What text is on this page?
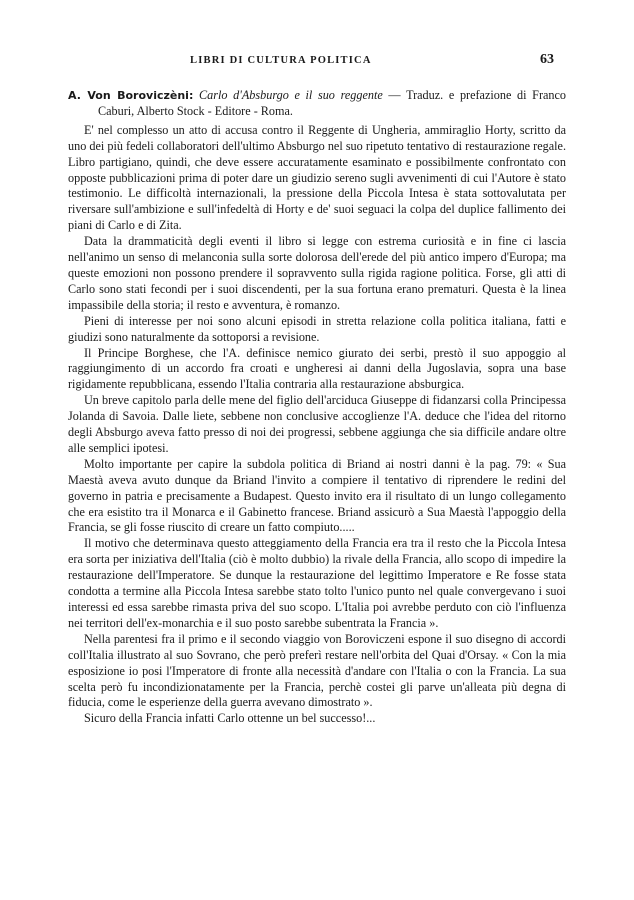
LIBRI DI CULTURA POLITICA	63

A. Von Boroviczèni: Carlo d'Absburgo e il suo reggente — Traduz. e prefazione di Franco Caburi, Alberto Stock - Editore - Roma.

E' nel complesso un atto di accusa contro il Reggente di Ungheria, ammiraglio Horty, scritto da uno dei più fedeli collaboratori dell'ultimo Absburgo nel suo ripetuto tentativo di restaurazione regale. Libro partigiano, quindi, che deve essere accuratamente esaminato e possibilmente confrontato con opposte pubblicazioni prima di poter dare un giudizio sereno sugli avvenimenti di cui l'Autore è stato testimonio. Le difficoltà internazionali, la pressione della Piccola Intesa è stata sottovalutata per riversare sull'ambizione e sull'infedeltà di Horty e de' suoi seguaci la colpa del duplice fallimento dei piani di Carlo e di Zita.

Data la drammaticità degli eventi il libro si legge con estrema curiosità e in fine ci lascia nell'animo un senso di melanconia sulla sorte dolorosa dell'erede del più antico impero d'Europa; ma queste emozioni non possono prendere il sopravvento sulla rigida ragione politica. Forse, gli atti di Carlo sono stati fecondi per i suoi discendenti, per la sua fortuna erano prematuri. Questa è la linea impassibile della storia; il resto e avventura, è romanzo.

Pieni di interesse per noi sono alcuni episodi in stretta relazione colla politica italiana, fatti e giudizi sono naturalmente da sottoporsi a revisione.

Il Principe Borghese, che l'A. definisce nemico giurato dei serbi, prestò il suo appoggio al raggiungimento di un accordo fra croati e ungheresi ai danni della Jugoslavia, sopra una base rigidamente repubblicana, essendo l'Italia contraria alla restaurazione absburgica.

Un breve capitolo parla delle mene del figlio dell'arciduca Giuseppe di fidanzarsi colla Principessa Jolanda di Savoia. Dalle liete, sebbene non conclusive accoglienze l'A. deduce che l'idea del ritorno degli Absburgo aveva fatto presso di noi dei progressi, sebbene aggiunga che sia difficile andare oltre alle semplici ipotesi.

Molto importante per capire la subdola politica di Briand ai nostri danni è la pag. 79: « Sua Maestà aveva avuto dunque da Briand l'invito a compiere il tentativo di riprendere le redini del governo in patria e precisamente a Budapest. Questo invito era il risultato di un lungo collegamento che era esistito tra il Monarca e il Gabinetto francese. Briand assicurò a Sua Maestà l'appoggio della Francia, se gli fosse riuscito di creare un fatto compiuto.....

Il motivo che determinava questo atteggiamento della Francia era tra il resto che la Piccola Intesa era sorta per iniziativa dell'Italia (ciò è molto dubbio) la rivale della Francia, allo scopo di impedire la restaurazione dell'Imperatore. Se dunque la restaurazione del legittimo Imperatore e Re fosse stata condotta a termine alla Piccola Intesa sarebbe stato tolto l'unico punto nel quale convergevano i suoi interessi ed essa sarebbe rimasta priva del suo scopo. L'Italia poi avrebbe perduto con ciò l'influenza nei territori dell'ex-monarchia e il suo posto sarebbe subentrata la Francia ».

Nella parentesi fra il primo e il secondo viaggio von Boroviczeni espone il suo disegno di accordi coll'Italia illustrato al suo Sovrano, che però preferì restare nell'orbita del Quai d'Orsay. « Con la mia esposizione io posi l'Imperatore di fronte alla necessità d'andare con l'Italia o con la Francia. La sua scelta però fu incondizionatamente per la Francia, perchè costei gli parve un'alleata più degna di fiducia, come le esperienze della guerra avevano dimostrato ».

Sicuro della Francia infatti Carlo ottenne un bel successo!...
